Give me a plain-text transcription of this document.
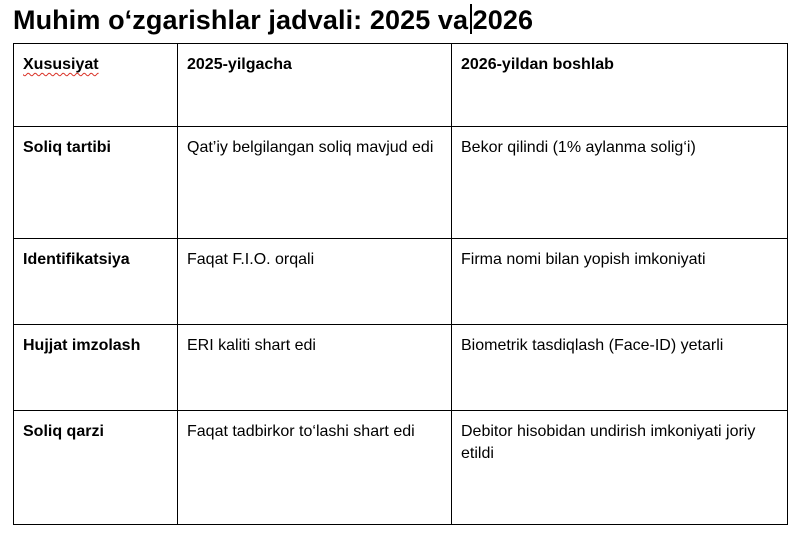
Muhim o‘zgarishlar jadvali: 2025 va 2026
Xususiyat	2025-yilgacha	2026-yildan boshlab
Soliq tartibi	Qat’iy belgilangan soliq mavjud edi	Bekor qilindi (1% aylanma solig‘i)
Identifikatsiya	Faqat F.I.O. orqali	Firma nomi bilan yopish imkoniyati
Hujjat imzolash	ERI kaliti shart edi	Biometrik tasdiqlash (Face-ID) yetarli
Soliq qarzi	Faqat tadbirkor to‘lashi shart edi	Debitor hisobidan undirish imkoniyati joriy etildi
